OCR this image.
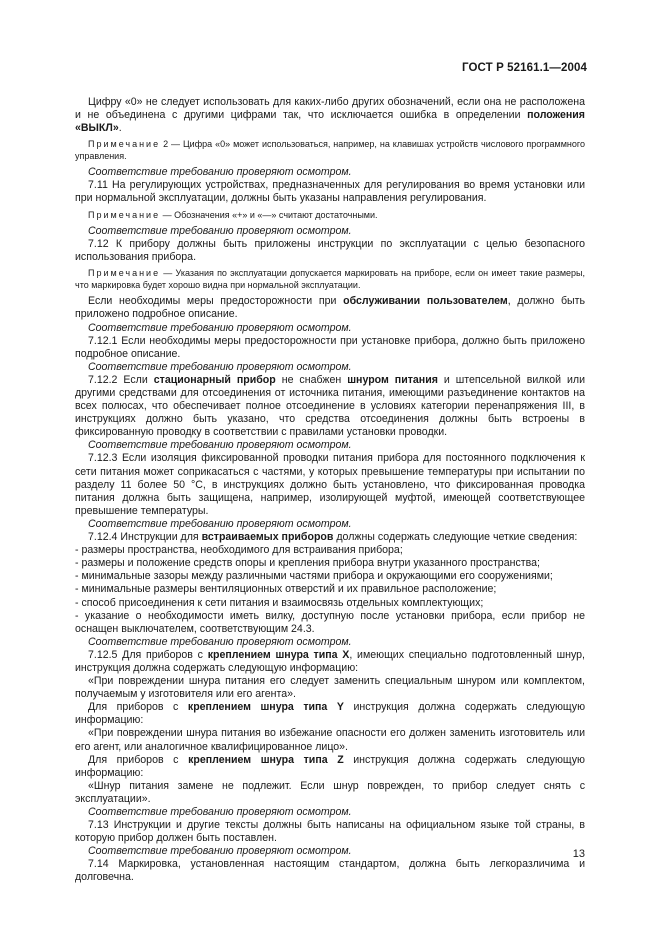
ГОСТ Р 52161.1—2004

Цифру «0» не следует использовать для каких-либо других обозначений, если она не расположена и не объединена с другими цифрами так, что исключается ошибка в определении положения «ВЫКЛ».

Примечание 2 — Цифра «0» может использоваться, например, на клавишах устройств числового программного управления.

Соответствие требованию проверяют осмотром.

7.11 На регулирующих устройствах, предназначенных для регулирования во время установки или при нормальной эксплуатации, должны быть указаны направления регулирования.

Примечание — Обозначения «+» и «—» считают достаточными.

Соответствие требованию проверяют осмотром.

7.12 К прибору должны быть приложены инструкции по эксплуатации с целью безопасного использования прибора.

Примечание — Указания по эксплуатации допускается маркировать на приборе, если он имеет такие размеры, что маркировка будет хорошо видна при нормальной эксплуатации.

Если необходимы меры предосторожности при обслуживании пользователем, должно быть приложено подробное описание.

Соответствие требованию проверяют осмотром.

7.12.1 Если необходимы меры предосторожности при установке прибора, должно быть приложено подробное описание.

Соответствие требованию проверяют осмотром.

7.12.2 Если стационарный прибор не снабжен шнуром питания и штепсельной вилкой или другими средствами для отсоединения от источника питания, имеющими разъединение контактов на всех полюсах, что обеспечивает полное отсоединение в условиях категории перенапряжения III, в инструкциях должно быть указано, что средства отсоединения должны быть встроены в фиксированную проводку в соответствии с правилами установки проводки.

Соответствие требованию проверяют осмотром.

7.12.3 Если изоляция фиксированной проводки питания прибора для постоянного подключения к сети питания может соприкасаться с частями, у которых превышение температуры при испытании по разделу 11 более 50 °С, в инструкциях должно быть установлено, что фиксированная проводка питания должна быть защищена, например, изолирующей муфтой, имеющей соответствующее превышение температуры.

Соответствие требованию проверяют осмотром.

7.12.4 Инструкции для встраиваемых приборов должны содержать следующие четкие сведения:

- размеры пространства, необходимого для встраивания прибора;

- размеры и положение средств опоры и крепления прибора внутри указанного пространства;

- минимальные зазоры между различными частями прибора и окружающими его сооружениями;

- минимальные размеры вентиляционных отверстий и их правильное расположение;

- способ присоединения к сети питания и взаимосвязь отдельных комплектующих;

- указание о необходимости иметь вилку, доступную после установки прибора, если прибор не оснащен выключателем, соответствующим 24.3.

Соответствие требованию проверяют осмотром.

7.12.5 Для приборов с креплением шнура типа X, имеющих специально подготовленный шнур, инструкция должна содержать следующую информацию:

«При повреждении шнура питания его следует заменить специальным шнуром или комплектом, получаемым у изготовителя или его агента».

Для приборов с креплением шнура типа Y инструкция должна содержать следующую информацию:

«При повреждении шнура питания во избежание опасности его должен заменить изготовитель или его агент, или аналогичное квалифицированное лицо».

Для приборов с креплением шнура типа Z инструкция должна содержать следующую информацию:

«Шнур питания замене не подлежит. Если шнур поврежден, то прибор следует снять с эксплуатации».

Соответствие требованию проверяют осмотром.

7.13 Инструкции и другие тексты должны быть написаны на официальном языке той страны, в которую прибор должен быть поставлен.

Соответствие требованию проверяют осмотром.

7.14 Маркировка, установленная настоящим стандартом, должна быть легкоразличима и долговечна.

13
